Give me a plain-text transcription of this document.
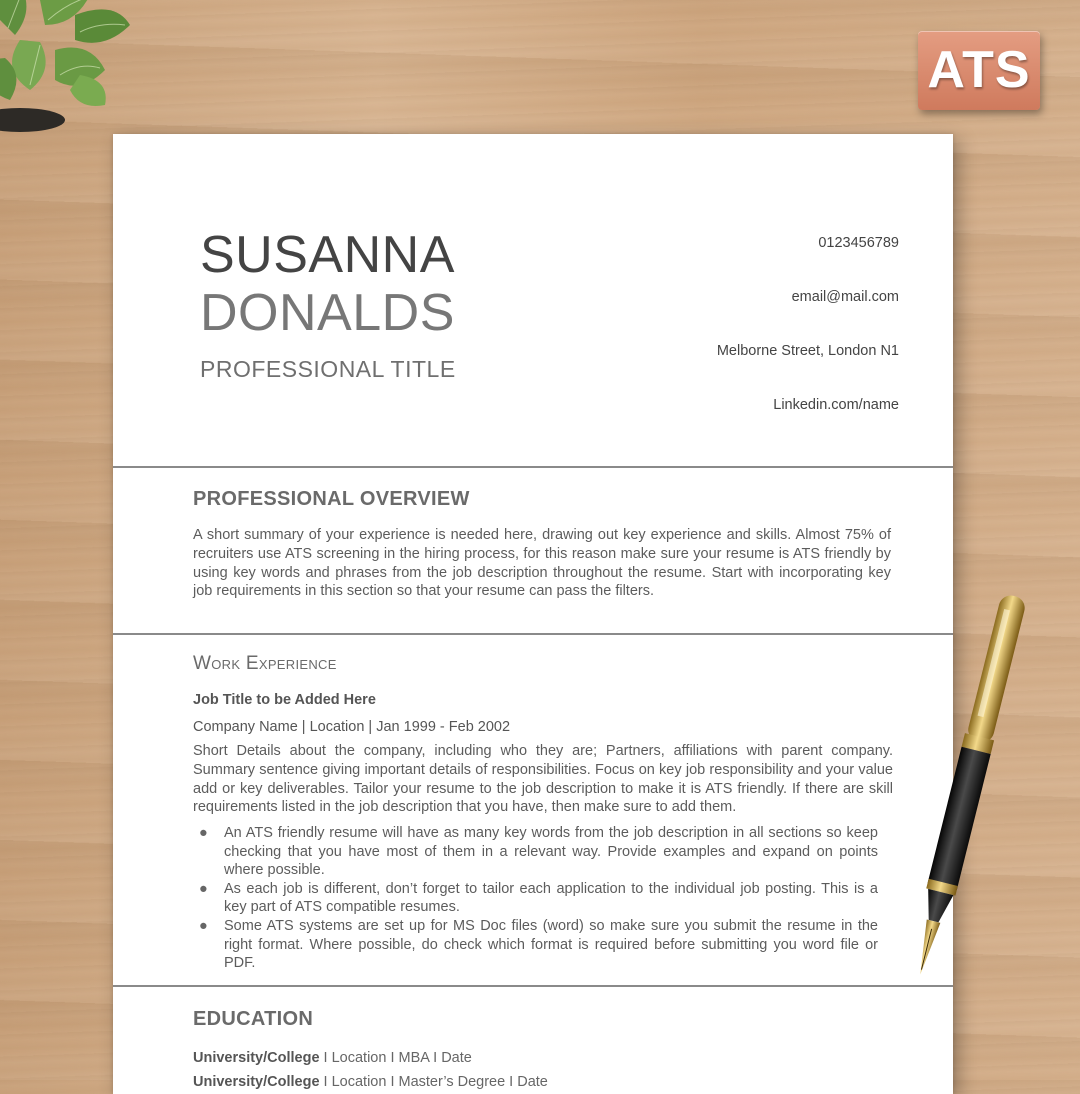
ATS
SUSANNA
DONALDS
PROFESSIONAL TITLE
0123456789
email@mail.com
Melborne Street, London N1
Linkedin.com/name
PROFESSIONAL OVERVIEW
A short summary of your experience is needed here, drawing out key experience and skills. Almost 75% of recruiters use ATS screening in the hiring process, for this reason make sure your resume is ATS friendly by using key words and phrases from the job description throughout the resume. Start with incorporating key job requirements in this section so that your resume can pass the filters.
Work Experience
Job Title to be Added Here
Company Name | Location | Jan 1999 - Feb 2002
Short Details about the company, including who they are; Partners, affiliations with parent company. Summary sentence giving important details of responsibilities. Focus on key job responsibility and your value add or key deliverables. Tailor your resume to the job description to make it is ATS friendly. If there are skill requirements listed in the job description that you have, then make sure to add them.
● An ATS friendly resume will have as many key words from the job description in all sections so keep checking that you have most of them in a relevant way. Provide examples and expand on points where possible.
● As each job is different, don’t forget to tailor each application to the individual job posting. This is a key part of ATS compatible resumes.
● Some ATS systems are set up for MS Doc files (word) so make sure you submit the resume in the right format. Where possible, do check which format is required before submitting you word file or PDF.
EDUCATION
University/College I Location I MBA I Date
University/College I Location I Master’s Degree I Date
